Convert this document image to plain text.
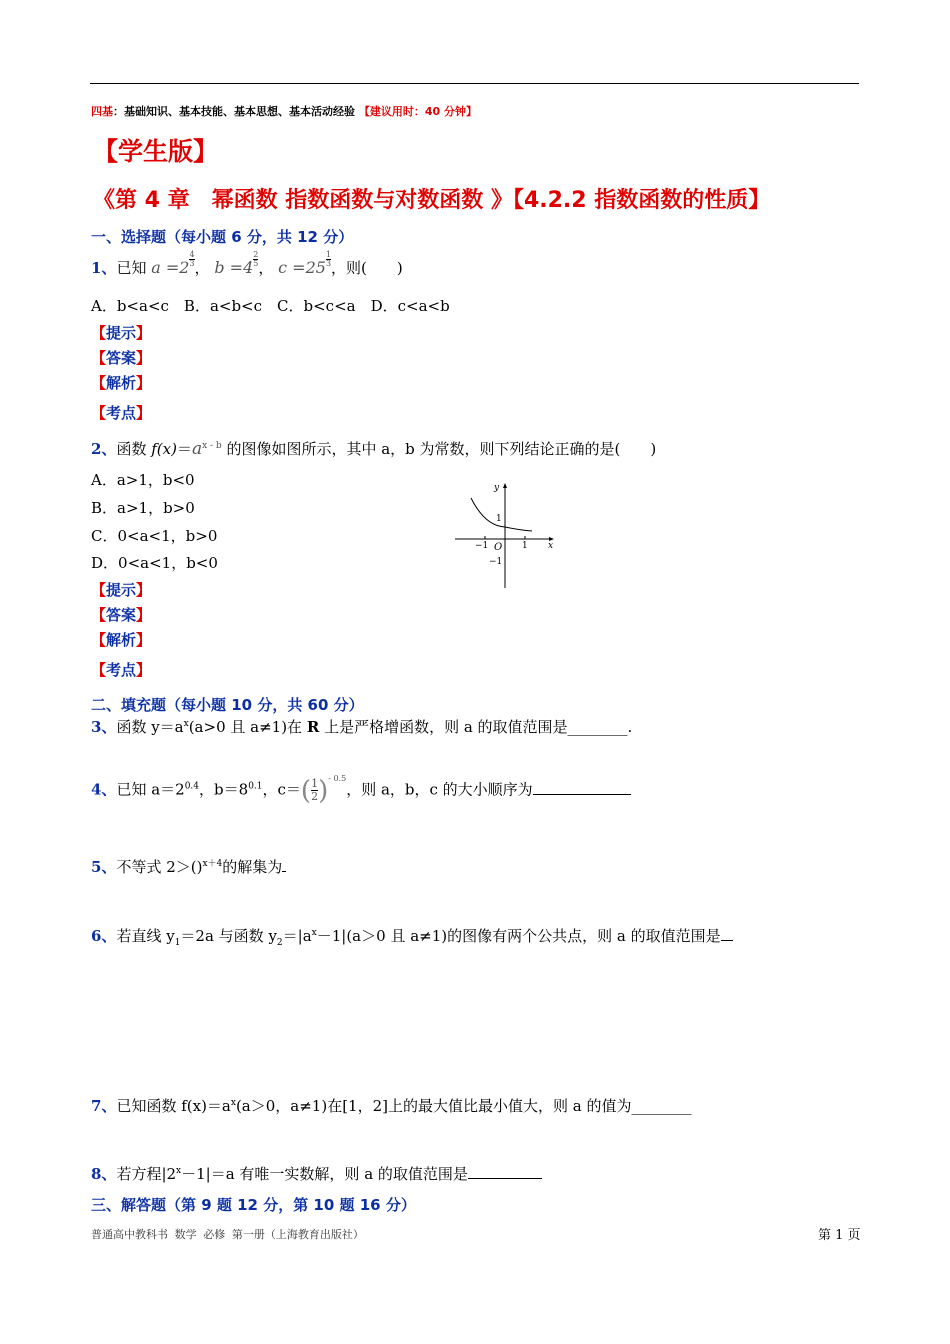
四基：基础知识、基本技能、基本思想、基本活动经验 【建议用时：40 分钟】
【学生版】
《第 4 章　幂函数 指数函数与对数函数 》【4.2.2 指数函数的性质】
一、选择题（每小题 6 分，共 12 分）
1、已知 $a =2 \frac{4}{3}$ ， $b =4 \frac{2}{5}$ ， $c =25 \frac{1}{3}$ ，则(　　)
A．b<a<c　B．a<b<c　C．b<c<a　D．c<a<b
【提示】
【答案】
【解析】
【考点】
2、函数 $f(x)=a^{x - b}$ 的图像如图所示，其中 a，b 为常数，则下列结论正确的是(　　)
A．a>1，b<0
B．a>1，b>0
C．0<a<1，b>0
D．0<a<1，b<0
x
y
O 1
−1
1
−1
【提示】
【答案】
【解析】
【考点】
二、填充题（每小题 10 分，共 60 分）
3、函数 $y=a^x(a>0$ 且 a≠1)在 R 上是严格增函数，则 a 的取值范围是________.
4、已知 $a=2^{0.4}$，$b=8^{0.1}$，$c=( \frac{1}{2} )^{- 0.5}$，则 a，b，c 的大小顺序为
5、不等式 2＞()$^{x+4}$的解集为
6、若直线 $y_1=2a$ 与函数 $y_2=|a^x-1|(a>0$ 且 a≠1)的图像有两个公共点，则 a 的取值范围是
7、已知函数 $f(x)=a^x(a>0$，a≠1)在[1，2]上的最大值比最小值大，则 a 的值为________
8、若方程$|2^x-1|=a$ 有唯一实数解，则 a 的取值范围是
三、解答题（第 9 题 12 分，第 10 题 16 分）
普通高中教科书 数学 必修 第一册（上海教育出版社）	第 1 页
